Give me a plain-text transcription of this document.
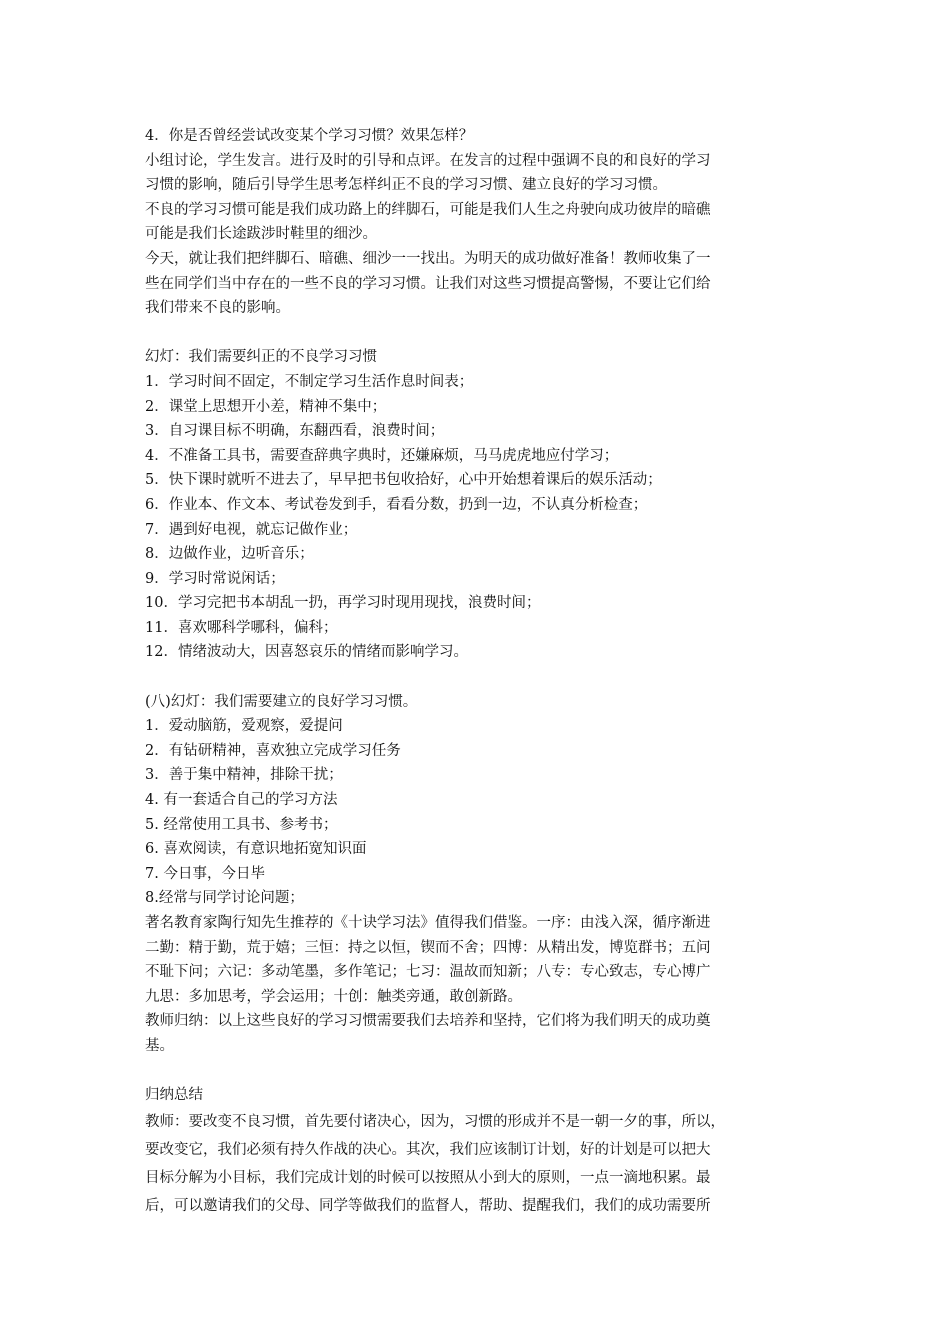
4．你是否曾经尝试改变某个学习习惯？效果怎样？
小组讨论，学生发言。进行及时的引导和点评。在发言的过程中强调不良的和良好的学习
习惯的影响，随后引导学生思考怎样纠正不良的学习习惯、建立良好的学习习惯。
不良的学习习惯可能是我们成功路上的绊脚石，可能是我们人生之舟驶向成功彼岸的暗礁
可能是我们长途跋涉时鞋里的细沙。
今天，就让我们把绊脚石、暗礁、细沙一一找出。为明天的成功做好准备！教师收集了一
些在同学们当中存在的一些不良的学习习惯。让我们对这些习惯提高警惕，不要让它们给
我们带来不良的影响。
幻灯：我们需要纠正的不良学习习惯
1．学习时间不固定，不制定学习生活作息时间表；
2．课堂上思想开小差，精神不集中；
3．自习课目标不明确，东翻西看，浪费时间；
4．不准备工具书，需要查辞典字典时，还嫌麻烦，马马虎虎地应付学习；
5．快下课时就听不进去了，早早把书包收拾好，心中开始想着课后的娱乐活动；
6．作业本、作文本、考试卷发到手，看看分数，扔到一边，不认真分析检查；
7．遇到好电视，就忘记做作业；
8．边做作业，边听音乐；
9．学习时常说闲话；
10．学习完把书本胡乱一扔，再学习时现用现找，浪费时间；
11．喜欢哪科学哪科，偏科；
12．情绪波动大，因喜怒哀乐的情绪而影响学习。
(八)幻灯：我们需要建立的良好学习习惯。
1．爱动脑筋，爱观察，爱提问
2．有钻研精神，喜欢独立完成学习任务
3．善于集中精神，排除干扰；
4. 有一套适合自己的学习方法
5. 经常使用工具书、参考书；
6. 喜欢阅读，有意识地拓宽知识面
7. 今日事，今日毕
8.经常与同学讨论问题；
著名教育家陶行知先生推荐的《十诀学习法》值得我们借鉴。一序：由浅入深，循序渐进
二勤：精于勤，荒于嬉；三恒：持之以恒，锲而不舍；四博：从精出发，博览群书；五问
不耻下问；六记：多动笔墨，多作笔记；七习：温故而知新；八专：专心致志，专心博广
九思：多加思考，学会运用；十创：触类旁通，敢创新路。
教师归纳：以上这些良好的学习习惯需要我们去培养和坚持，它们将为我们明天的成功奠
基。
归纳总结
教师：要改变不良习惯，首先要付诸决心，因为，习惯的形成并不是一朝一夕的事，所以，
要改变它，我们必须有持久作战的决心。其次，我们应该制订计划，好的计划是可以把大
目标分解为小目标，我们完成计划的时候可以按照从小到大的原则，一点一滴地积累。最
后，可以邀请我们的父母、同学等做我们的监督人，帮助、提醒我们，我们的成功需要所
